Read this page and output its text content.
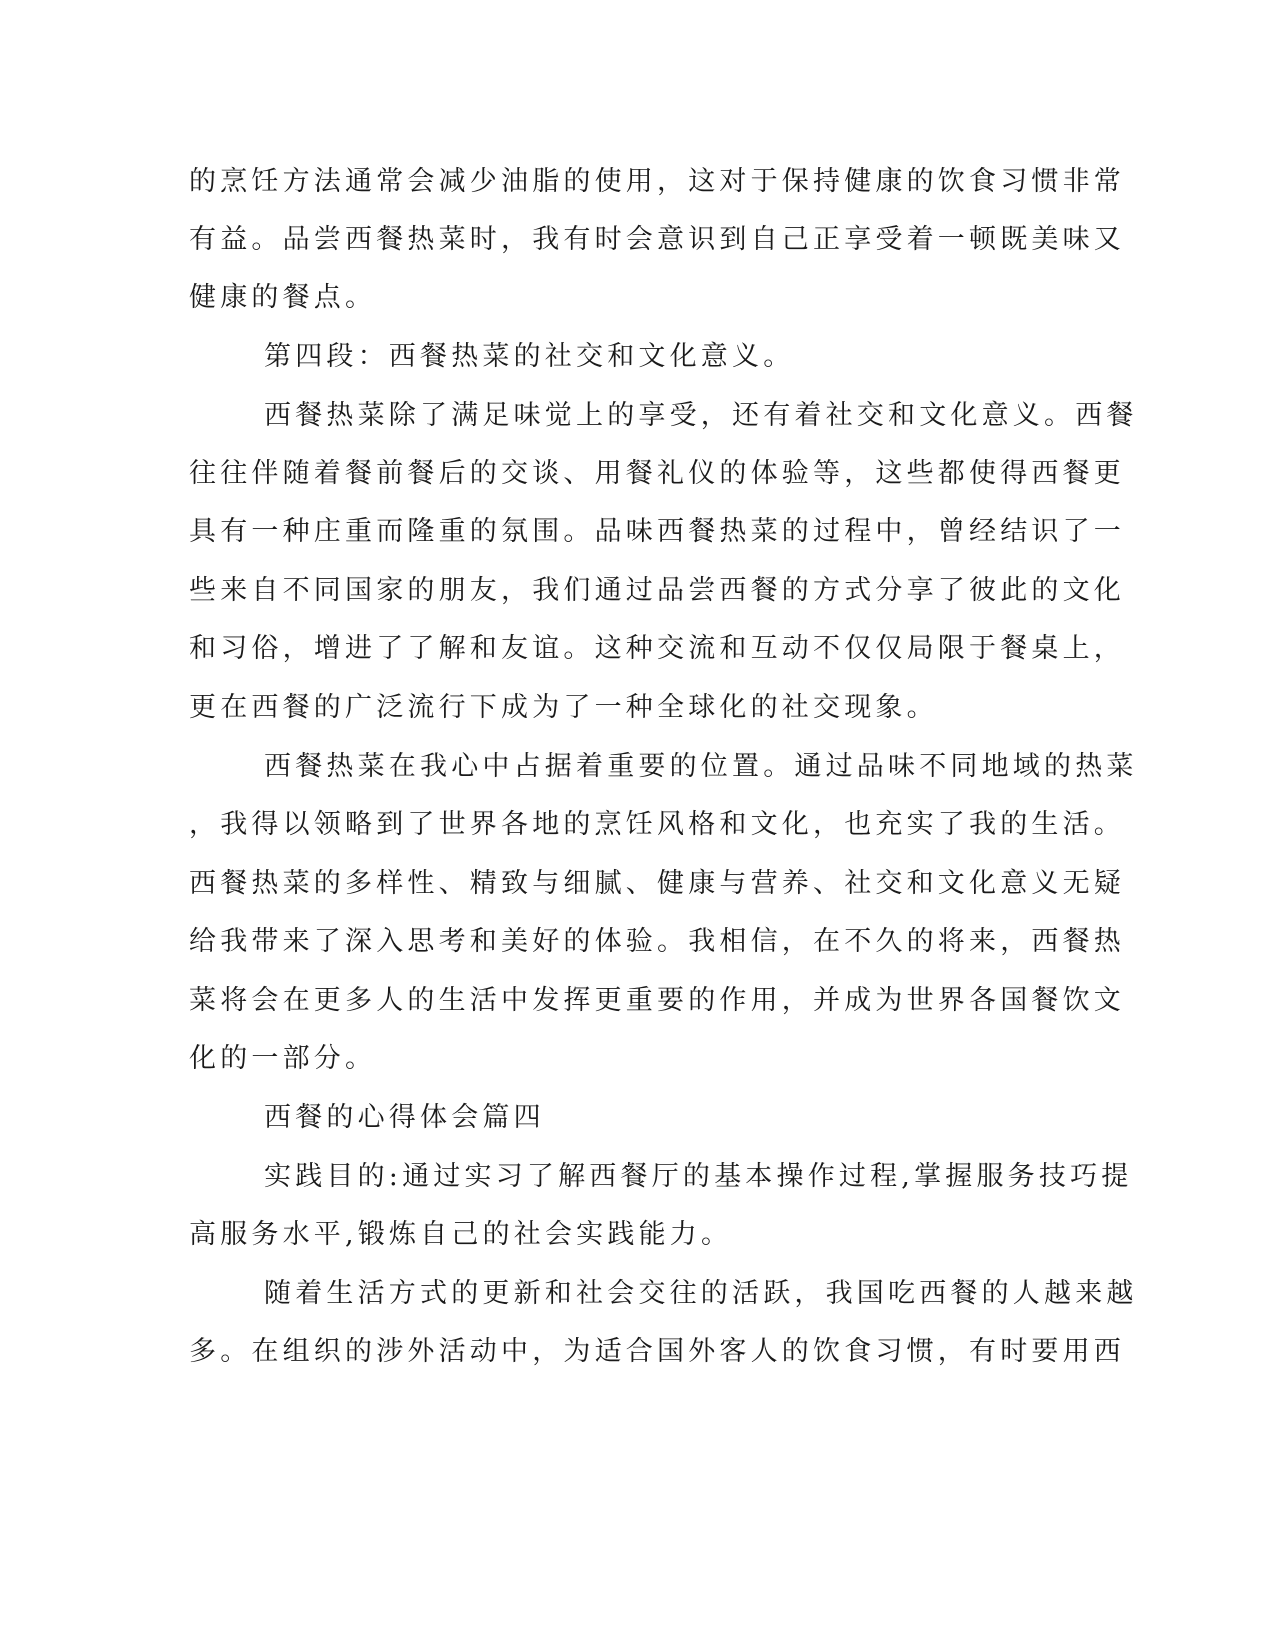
的烹饪方法通常会减少油脂的使用，这对于保持健康的饮食习惯非常
有益。品尝西餐热菜时，我有时会意识到自己正享受着一顿既美味又
健康的餐点。
第四段：西餐热菜的社交和文化意义。
西餐热菜除了满足味觉上的享受，还有着社交和文化意义。西餐
往往伴随着餐前餐后的交谈、用餐礼仪的体验等，这些都使得西餐更
具有一种庄重而隆重的氛围。品味西餐热菜的过程中，曾经结识了一
些来自不同国家的朋友，我们通过品尝西餐的方式分享了彼此的文化
和习俗，增进了了解和友谊。这种交流和互动不仅仅局限于餐桌上，
更在西餐的广泛流行下成为了一种全球化的社交现象。
西餐热菜在我心中占据着重要的位置。通过品味不同地域的热菜
，我得以领略到了世界各地的烹饪风格和文化，也充实了我的生活。
西餐热菜的多样性、精致与细腻、健康与营养、社交和文化意义无疑
给我带来了深入思考和美好的体验。我相信，在不久的将来，西餐热
菜将会在更多人的生活中发挥更重要的作用，并成为世界各国餐饮文
化的一部分。
西餐的心得体会篇四
实践目的:通过实习了解西餐厅的基本操作过程,掌握服务技巧提
高服务水平,锻炼自己的社会实践能力。
随着生活方式的更新和社会交往的活跃，我国吃西餐的人越来越
多。在组织的涉外活动中，为适合国外客人的饮食习惯，有时要用西
